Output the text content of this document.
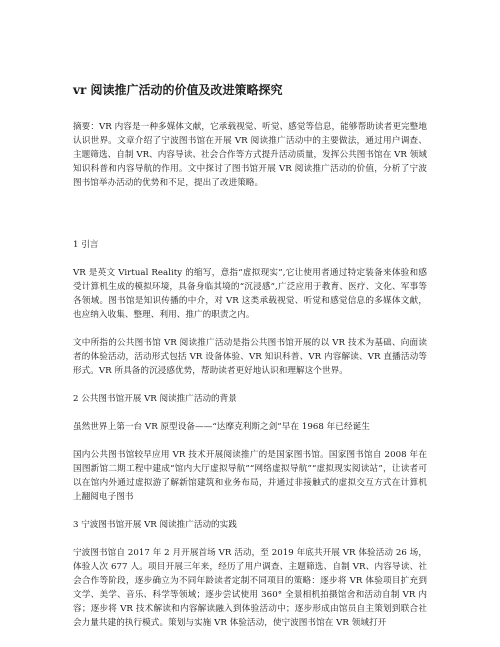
vr 阅读推广活动的价值及改进策略探究

摘要：VR 内容是一种多媒体文献，它承载视觉、听觉、感觉等信息，能够帮助读者更完整地认识世界。文章介绍了宁波图书馆在开展 VR 阅读推广活动中的主要做法，通过用户调查、主题筛选、自制 VR、内容导读、社会合作等方式提升活动质量，发挥公共图书馆在 VR 领域知识科普和内容导航的作用。文中探讨了图书馆开展 VR 阅读推广活动的价值，分析了宁波图书馆举办活动的优势和不足，提出了改进策略。

1 引言

VR 是英文 Virtual Reality 的缩写，意指“虚拟现实”,它让使用者通过特定装备来体验和感受计算机生成的模拟环境，具备身临其境的“沉浸感”,广泛应用于教育、医疗、文化、军事等各领域。图书馆是知识传播的中介，对 VR 这类承载视觉、听觉和感觉信息的多媒体文献，也应纳入收集、整理、利用、推广的职责之内。

文中所指的公共图书馆 VR 阅读推广活动是指公共图书馆开展的以 VR 技术为基础、向面读者的体验活动，活动形式包括 VR 设备体验、VR 知识科普、VR 内容解读、VR 直播活动等形式。VR 所具备的沉浸感优势，帮助读者更好地认识和理解这个世界。

2 公共图书馆开展 VR 阅读推广活动的背景

虽然世界上第一台 VR 原型设备——“达摩克利斯之剑”早在 1968 年已经诞生

国内公共图书馆较早应用 VR 技术开展阅读推广的是国家图书馆。国家图书馆自 2008 年在国图新馆二期工程中建成“馆内大厅虚拟导航”“网络虚拟导航”“虚拟现实阅读站”，让读者可以在馆内外通过虚拟游了解新馆建筑和业务布局，并通过非接触式的虚拟交互方式在计算机上翻阅电子图书

3 宁波图书馆开展 VR 阅读推广活动的实践

宁波图书馆自 2017 年 2 月开展首场 VR 活动，至 2019 年底共开展 VR 体验活动 26 场，体验人次 677 人。项目开展三年来，经历了用户调查、主题筛选、自制 VR、内容导读、社会合作等阶段，逐步确立为不同年龄读者定制不同项目的策略：逐步将 VR 体验项目扩充到文学、美学、音乐、科学等领域；逐步尝试使用 360° 全景相机拍摄馆舍和活动自制 VR 内容；逐步将 VR 技术解读和内容解读融入到体验活动中；逐步形成由馆员自主策划到联合社会力量共建的执行模式。策划与实施 VR 体验活动，使宁波图书馆在 VR 领域打开
